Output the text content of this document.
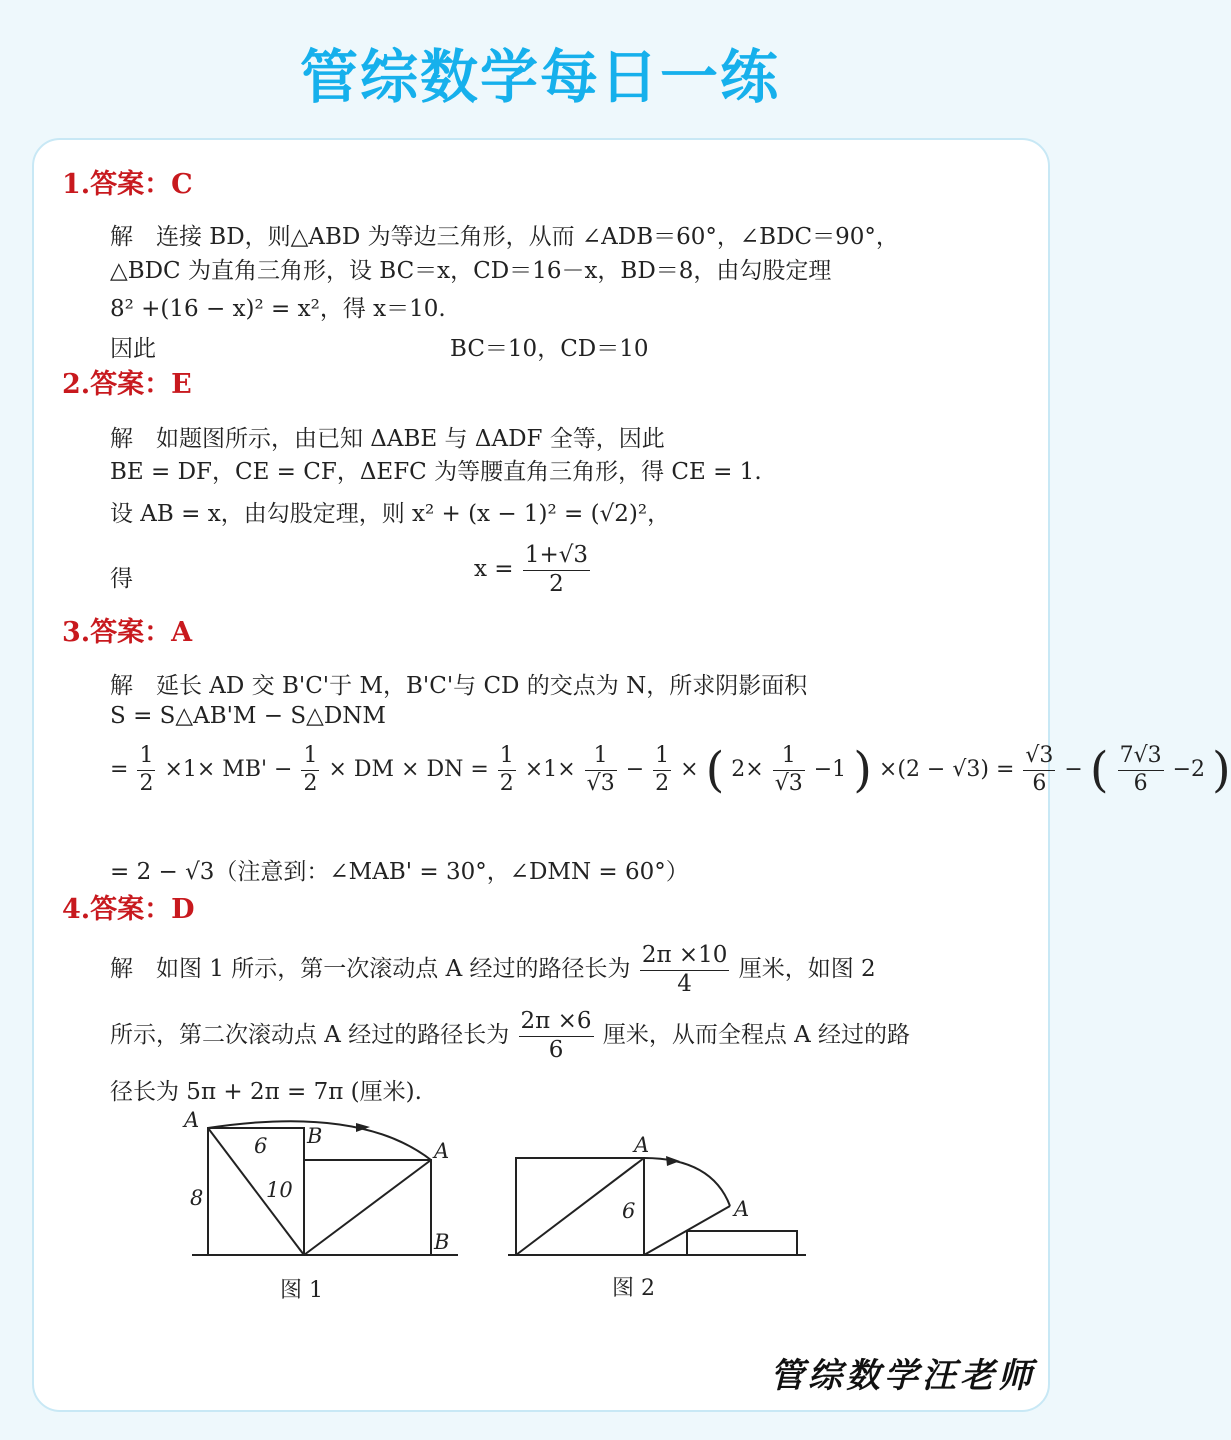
管综数学每日一练
1.答案：C
解　连接 BD，则△ABD 为等边三角形，从而 ∠ADB＝60°，∠BDC＝90°，
△BDC 为直角三角形，设 BC＝x，CD＝16－x，BD＝8，由勾股定理
8² +(16 − x)² = x²，得 x＝10.
因此	BC＝10，CD＝10
2.答案：E
解　如题图所示，由已知 ΔABE 与 ΔADF 全等，因此
BE = DF，CE = CF，ΔEFC 为等腰直角三角形，得 CE = 1.
设 AB = x，由勾股定理，则 x² + (x − 1)² = (√2)²，
得	$x = \frac{1+√3}{2}$
3.答案：A
解　延长 AD 交 B'C'于 M，B'C'与 CD 的交点为 N，所求阴影面积
S = S△AB'M − S△DNM
= $\frac{1}{2} \times 1\times MB' - \frac{1}{2}$ × DM × DN = $\frac{1}{2} \times 1\times \frac{1}{√3} - \frac{1}{2}$ × ( $2\times \frac{1}{√3} -1$ ) $\times(2 - √3) = \frac{√3}{6}$ − ( $\frac{7√3}{6} -2$ )
= 2 − √3（注意到：∠MAB' = 30°，∠DMN = 60°）
4.答案：D
解　如图 1 所示，第一次滚动点 A 经过的路径长为 $\frac{2\pi \times 10}{4}$ 厘米，如图 2
所示，第二次滚动点 A 经过的路径长为 $\frac{2\pi \times 6}{6}$ 厘米，从而全程点 A 经过的路
径长为 5π + 2π = 7π (厘米).
A
B
A
B
6
8	10
图 1
A
A
6
图 2
管综数学汪老师
